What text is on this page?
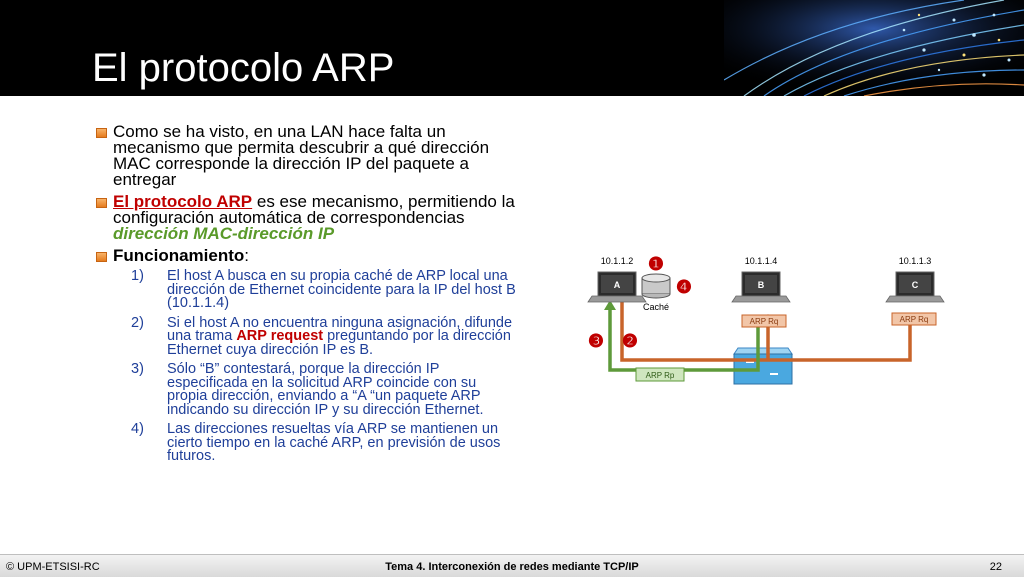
El protocolo ARP
Como se ha visto, en una LAN hace falta un mecanismo que permita descubrir a qué dirección MAC corresponde la dirección IP del paquete a entregar
El protocolo ARP es ese mecanismo, permitiendo la configuración automática de correspondencias dirección MAC-dirección IP
Funcionamiento:
1) El host A busca en su propia caché de ARP local una dirección de Ethernet coincidente para la IP del host B (10.1.1.4)
2) Si el host A no encuentra ninguna asignación, difunde una trama ARP request preguntando por la dirección Ethernet cuya dirección IP es B.
3) Sólo “B” contestará, porque la dirección IP especificada en la solicitud ARP coincide con su propia dirección, enviando a “A “un paquete ARP indicando su dirección IP y su dirección Ethernet.
4) Las direcciones resueltas vía ARP se mantienen un cierto tiempo en la caché ARP, en previsión de usos futuros.
A
10.1.1.2
Caché
B
10.1.1.4
C
10.1.1.3
ARP Rq	ARP Rq
ARP Rp
❶
❹
❷
❸
© UPM-ETSISI-RC	Tema 4. Interconexión de redes mediante TCP/IP	22
